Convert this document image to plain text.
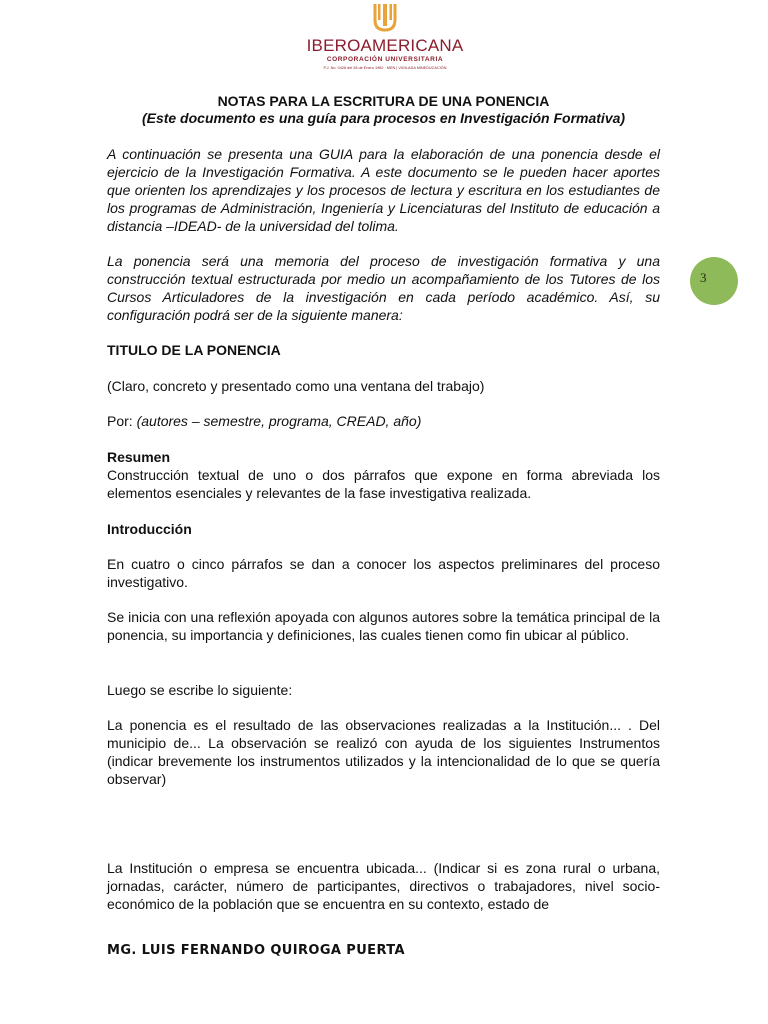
IBEROAMERICANA
CORPORACIÓN UNIVERSITARIA
P.J. No. 0428 del 28 de Enero 1982 · MEN | VIGILADA MINEDUCACIÓN
NOTAS PARA LA ESCRITURA DE UNA PONENCIA
(Este documento es una guía para procesos en Investigación Formativa)

A continuación se presenta una GUIA para la elaboración de una ponencia desde el ejercicio de la Investigación Formativa. A este documento se le pueden hacer aportes que orienten los aprendizajes y los procesos de lectura y escritura en los estudiantes de los programas de Administración, Ingeniería y Licenciaturas del Instituto de educación a distancia –IDEAD- de la universidad del tolima.

La ponencia será una memoria del proceso de investigación formativa y una construcción textual estructurada por medio un acompañamiento de los Tutores de los Cursos Articuladores de la investigación en cada período académico. Así, su configuración podrá ser de la siguiente manera:

3

TITULO DE LA PONENCIA

(Claro, concreto y presentado como una ventana del trabajo)

Por: (autores – semestre, programa, CREAD, año)

Resumen

Construcción textual de uno o dos párrafos que expone en forma abreviada los elementos esenciales y relevantes de la fase investigativa realizada.

Introducción

En cuatro o cinco párrafos se dan a conocer los aspectos preliminares del proceso investigativo.

Se inicia con una reflexión apoyada con algunos autores sobre la temática principal de la ponencia, su importancia y definiciones, las cuales tienen como fin ubicar al público.

Luego se escribe lo siguiente:

La ponencia es el resultado de las observaciones realizadas a la Institución... . Del municipio de... La observación se realizó con ayuda de los siguientes Instrumentos (indicar brevemente los instrumentos utilizados y la intencionalidad de lo que se quería observar)

La Institución o empresa se encuentra ubicada... (Indicar si es zona rural o urbana, jornadas, carácter, número de participantes, directivos o trabajadores, nivel socio-económico de la población que se encuentra en su contexto, estado de

MG. LUIS FERNANDO QUIROGA PUERTA
